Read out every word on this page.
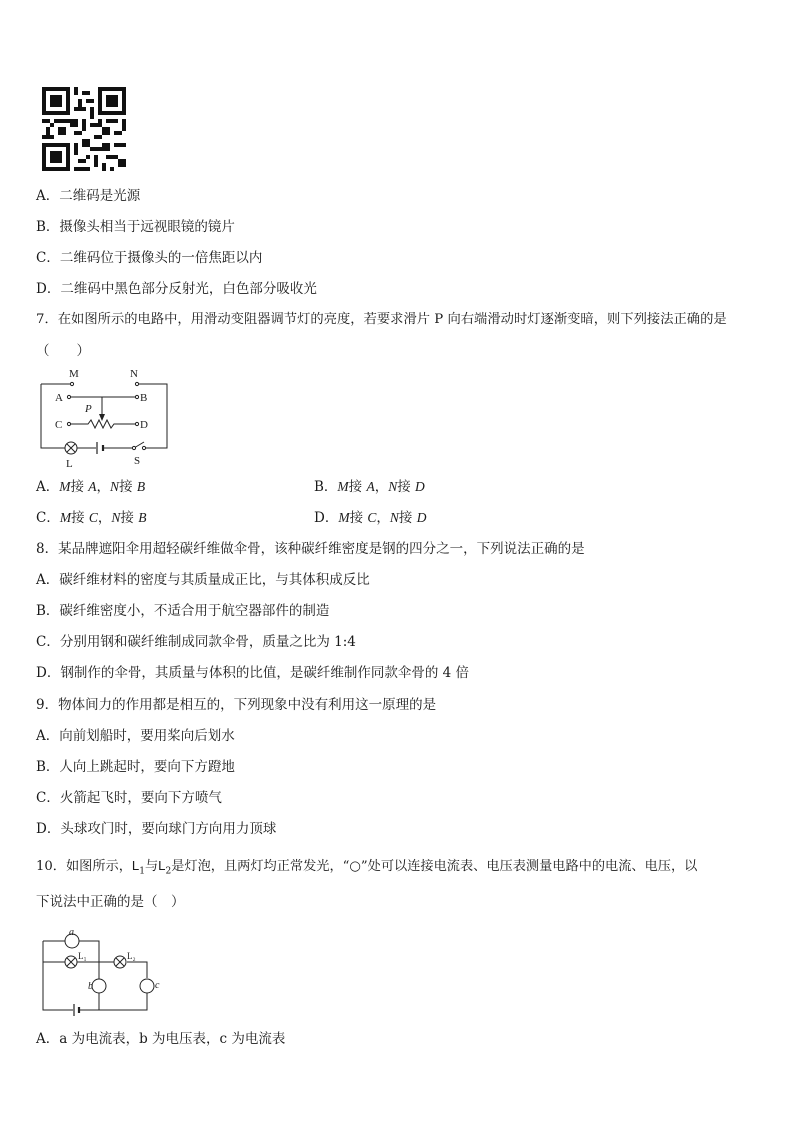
A．二维码是光源
B．摄像头相当于远视眼镜的镜片
C．二维码位于摄像头的一倍焦距以内
D．二维码中黑色部分反射光，白色部分吸收光
7．在如图所示的电路中，用滑动变阻器调节灯的亮度，若要求滑片 P 向右端滑动时灯逐渐变暗，则下列接法正确的是
（　　）
M	N
A	B
C	D
P
L	S
A．M接 A，N接 B	B．M接 A，N接 D
C．M接 C，N接 B	D．M接 C，N接 D
8．某品牌遮阳伞用超轻碳纤维做伞骨，该种碳纤维密度是钢的四分之一，下列说法正确的是
A．碳纤维材料的密度与其质量成正比，与其体积成反比
B．碳纤维密度小，不适合用于航空器部件的制造
C．分别用钢和碳纤维制成同款伞骨，质量之比为 1:4
D．钢制作的伞骨，其质量与体积的比值，是碳纤维制作同款伞骨的 4 倍
9．物体间力的作用都是相互的，下列现象中没有利用这一原理的是
A．向前划船时，要用桨向后划水
B．人向上跳起时，要向下方蹬地
C．火箭起飞时，要向下方喷气
D．头球攻门时，要向球门方向用力顶球
10．如图所示，$L_1$与$L_2$是灯泡，且两灯均正常发光，“○”处可以连接电流表、电压表测量电路中的电流、电压，以
下说法中正确的是（　）
a
b	c
L₁	L₂
A．a 为电流表，b 为电压表，c 为电流表
